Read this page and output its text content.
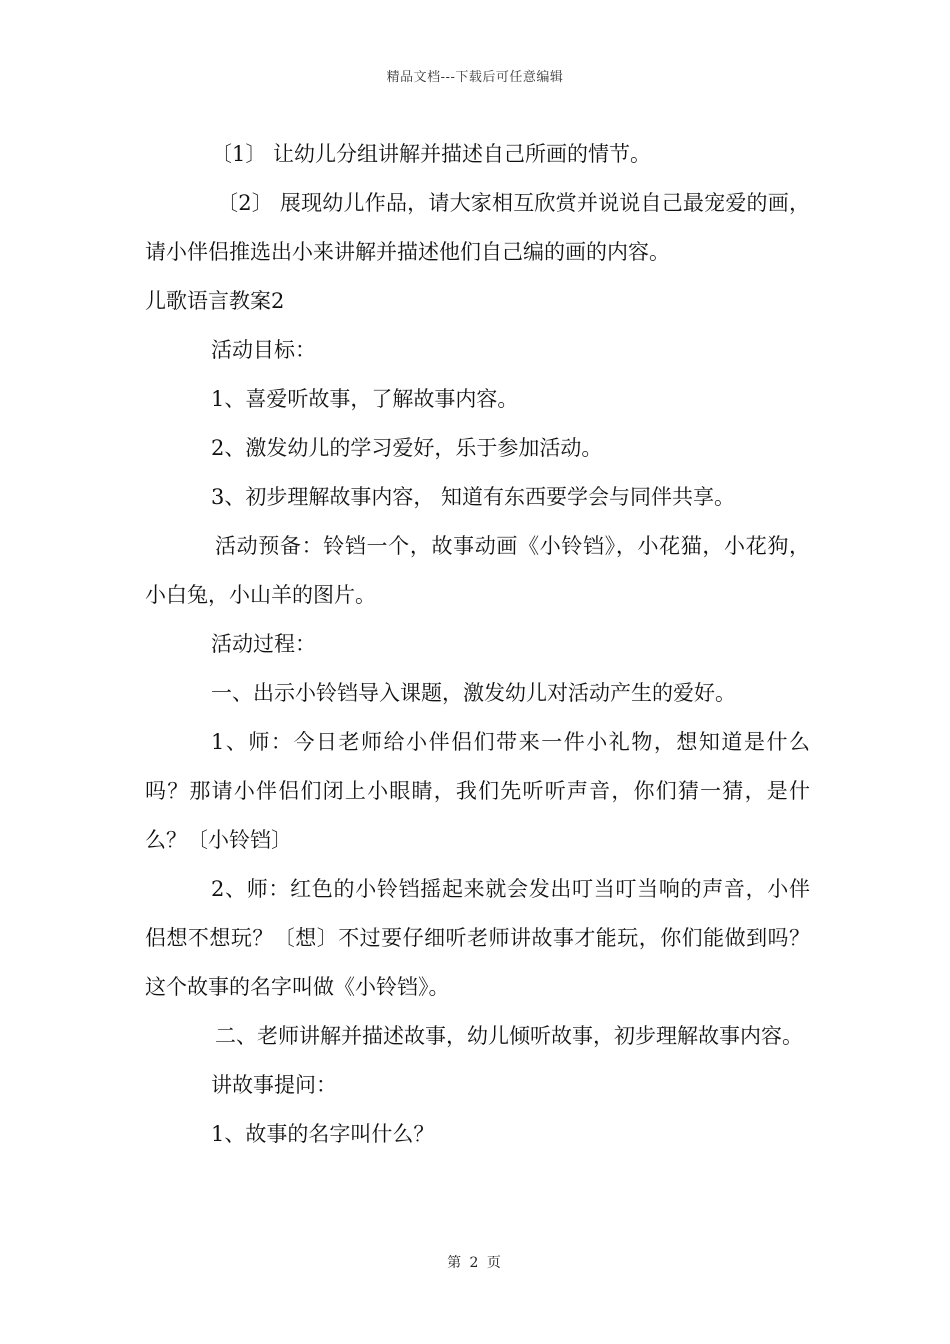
精品文档---下载后可任意编辑

〔1〕 让幼儿分组讲解并描述自己所画的情节。

〔2〕 展现幼儿作品，请大家相互欣赏并说说自己最宠爱的画，请小伴侣推选出小来讲解并描述他们自己编的画的内容。

儿歌语言教案2

活动目标：

1、喜爱听故事，了解故事内容。

2、激发幼儿的学习爱好，乐于参加活动。

3、初步理解故事内容， 知道有东西要学会与同伴共享。

活动预备：铃铛一个，故事动画《小铃铛》，小花猫，小花狗，小白兔，小山羊的图片。

活动过程：

一、出示小铃铛导入课题，激发幼儿对活动产生的爱好。

1、师：今日老师给小伴侣们带来一件小礼物，想知道是什么吗？那请小伴侣们闭上小眼睛，我们先听听声音，你们猜一猜，是什么？〔小铃铛〕

2、师：红色的小铃铛摇起来就会发出叮当叮当响的声音，小伴侣想不想玩？〔想〕不过要仔细听老师讲故事才能玩，你们能做到吗？这个故事的名字叫做《小铃铛》。

二、老师讲解并描述故事，幼儿倾听故事，初步理解故事内容。

讲故事提问：

1、故事的名字叫什么？

第 2 页
